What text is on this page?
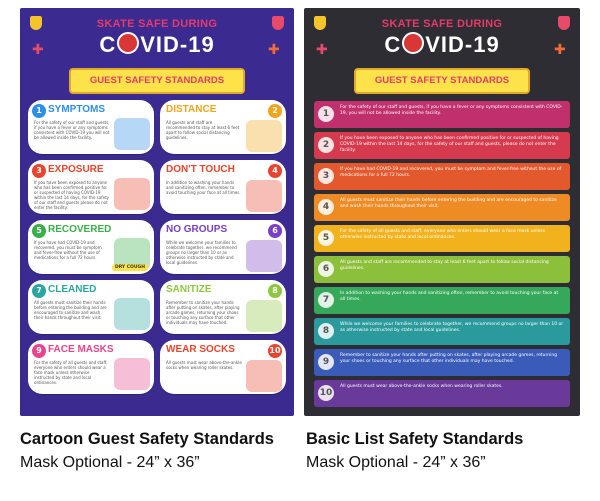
✚
✚
SKATE SAFE DURING
C VID-19
GUEST SAFETY STANDARDS
1 SYMPTOMS
For the safety of our staff and guests, if you have a fever or any symptoms consistent with COVID-19 you will not be allowed inside the facility.
2
DISTANCE
All guests and staff are recommended to stay at least 6 feet apart to follow social distancing guidelines.
3 EXPOSURE
If you have been exposed to anyone who has been confirmed positive for or suspected of having COVID-19 within the last 14 days, for the safety of our staff and guests please do not enter the facility.
4
DON'T TOUCH
In addition to washing your hands and sanitizing often, remember to avoid touching your face at all times.
5 RECOVERED
If you have had COVID-19 and recovered, you must be symptom and fever-free without the use of medications for a full 72 hours.
DRY COUGH
6
NO GROUPS
While we welcome your families to celebrate together, we recommend groups no larger than 10 or as otherwise instructed by state and local guidelines.
7 CLEANED
All guests must sanitize their hands before entering the building and are encouraged to sanitize and wash their hands throughout their visit.
8
SANITIZE
Remember to sanitize your hands after putting on skates, after playing arcade games, returning your shoes or touching any surface that other individuals may have touched.
9 FACE MASKS
For the safety of all guests and staff, everyone who enters should wear a face mask unless otherwise instructed by state and local ordinances.
10
WEAR SOCKS
All guests must wear above-the-ankle socks when wearing roller skates.
✚
✚
SKATE SAFE DURING
C VID-19
GUEST SAFETY STANDARDS
1
For the safety of our staff and guests, if you have a fever or any symptoms consistent with COVID-19, you will not be allowed inside the facility.
2
If you have been exposed to anyone who has been confirmed positive for or suspected of having COVID-19 within the last 14 days, for the safety of our staff and guests, please do not enter the facility.
3
If you have had COVID-19 and recovered, you must be symptom and fever-free without the use of medications for a full 72 hours.
4
All guests must sanitize their hands before entering the building and are encouraged to sanitize and wash their hands throughout their visit.
5
For the safety of all guests and staff, everyone who enters should wear a face mask unless otherwise instructed by state and local ordinances.
6
All guests and staff are recommended to stay at least 6 feet apart to follow social distancing guidelines.
7
In addition to washing your hands and sanitizing often, remember to avoid touching your face at all times.
8
While we welcome your families to celebrate together, we recommend groups no larger than 10 or as otherwise instructed by state and local guidelines.
9
Remember to sanitize your hands after putting on skates, after playing arcade games, returning your shoes or touching any surface that other individuals may have touched.
10
All guests must wear above-the-ankle socks when wearing roller skates.
Cartoon Guest Safety Standards
Mask Optional - 24” x 36”
Basic List Safety Standards
Mask Optional - 24” x 36”
